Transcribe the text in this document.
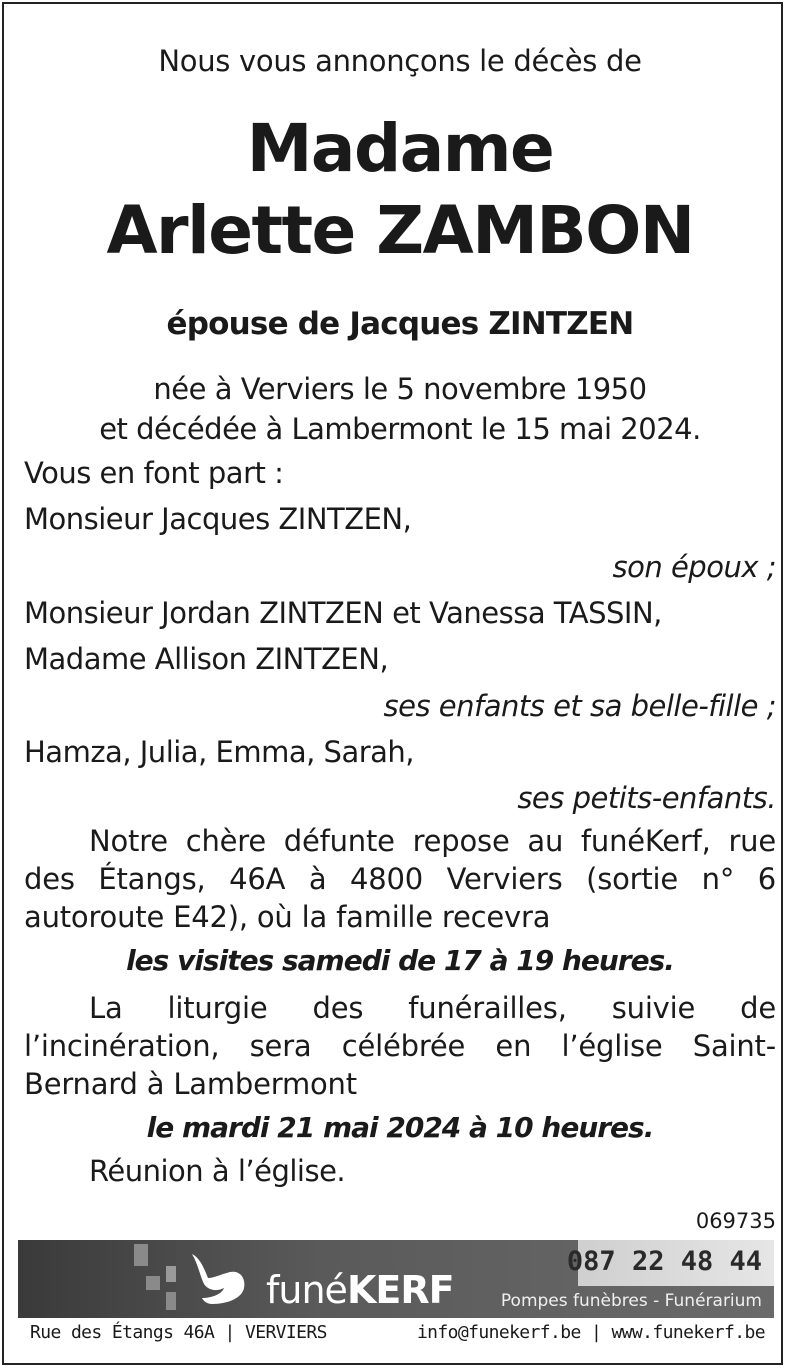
Nous vous annonçons le décès de
Madame
Arlette ZAMBON
épouse de Jacques ZINTZEN
née à Verviers le 5 novembre 1950
et décédée à Lambermont le 15 mai 2024.
Vous en font part :
Monsieur Jacques ZINTZEN,
son époux ;
Monsieur Jordan ZINTZEN et Vanessa TASSIN,
Madame Allison ZINTZEN,
ses enfants et sa belle-fille ;
Hamza, Julia, Emma, Sarah,
ses petits-enfants.
Notre chère défunte repose au funéKerf, rue des Étangs, 46A à 4800 Verviers (sortie n° 6 autoroute E42), où la famille recevra
les visites samedi de 17 à 19 heures.
La liturgie des funérailles, suivie de l’incinération, sera célébrée en l’église Saint-Bernard à Lambermont
le mardi 21 mai 2024 à 10 heures.
Réunion à l’église.
069735
funéKERF
087 22 48 44
Pompes funèbres - Funérarium
Rue des Étangs 46A | VERVIERS	info@funekerf.be | www.funekerf.be
